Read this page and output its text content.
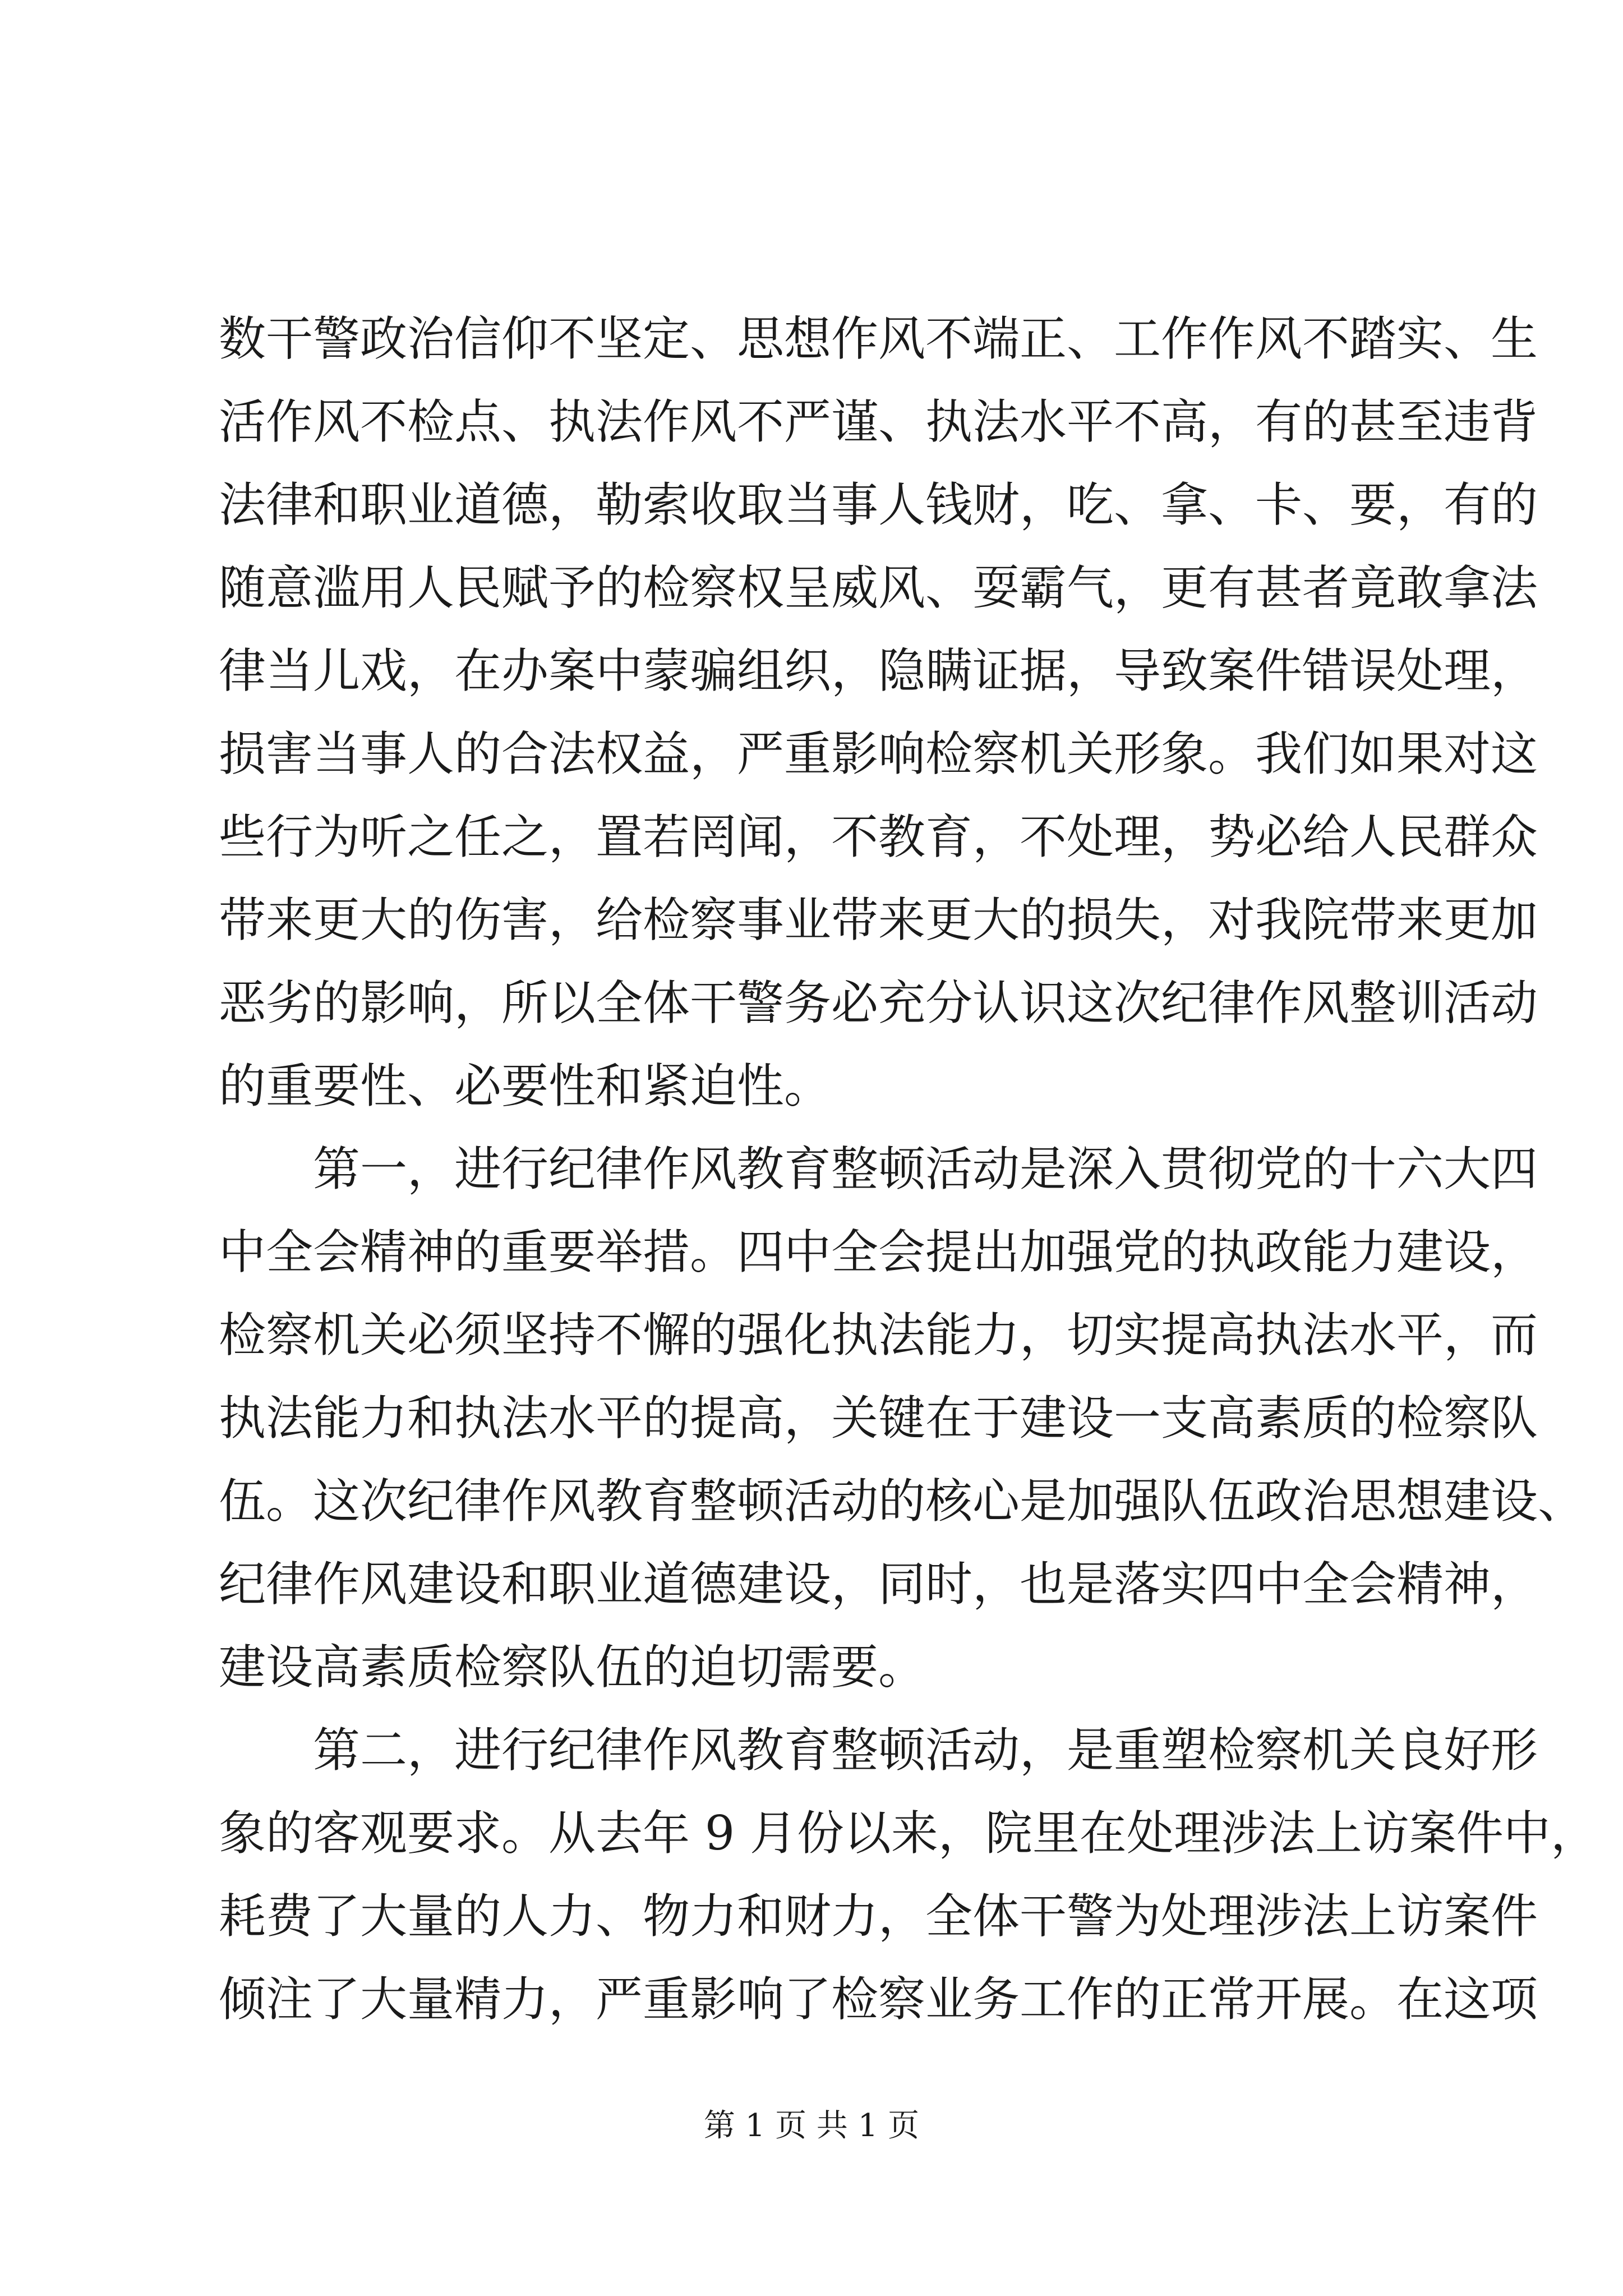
数干警政治信仰不坚定、思想作风不端正、工作作风不踏实、生
活作风不检点、执法作风不严谨、执法水平不高，有的甚至违背
法律和职业道德，勒索收取当事人钱财，吃、拿、卡、要，有的
随意滥用人民赋予的检察权呈威风、耍霸气，更有甚者竟敢拿法
律当儿戏，在办案中蒙骗组织，隐瞒证据，导致案件错误处理，
损害当事人的合法权益，严重影响检察机关形象。我们如果对这
些行为听之任之，置若罔闻，不教育，不处理，势必给人民群众
带来更大的伤害，给检察事业带来更大的损失，对我院带来更加
恶劣的影响，所以全体干警务必充分认识这次纪律作风整训活动
的重要性、必要性和紧迫性。
第一，进行纪律作风教育整顿活动是深入贯彻党的十六大四
中全会精神的重要举措。四中全会提出加强党的执政能力建设，
检察机关必须坚持不懈的强化执法能力，切实提高执法水平，而
执法能力和执法水平的提高，关键在于建设一支高素质的检察队
伍。这次纪律作风教育整顿活动的核心是加强队伍政治思想建设、
纪律作风建设和职业道德建设，同时，也是落实四中全会精神，
建设高素质检察队伍的迫切需要。
第二，进行纪律作风教育整顿活动，是重塑检察机关良好形
象的客观要求。从去年 9 月份以来，院里在处理涉法上访案件中，
耗费了大量的人力、物力和财力，全体干警为处理涉法上访案件
倾注了大量精力，严重影响了检察业务工作的正常开展。在这项
第 1 页 共 1 页
